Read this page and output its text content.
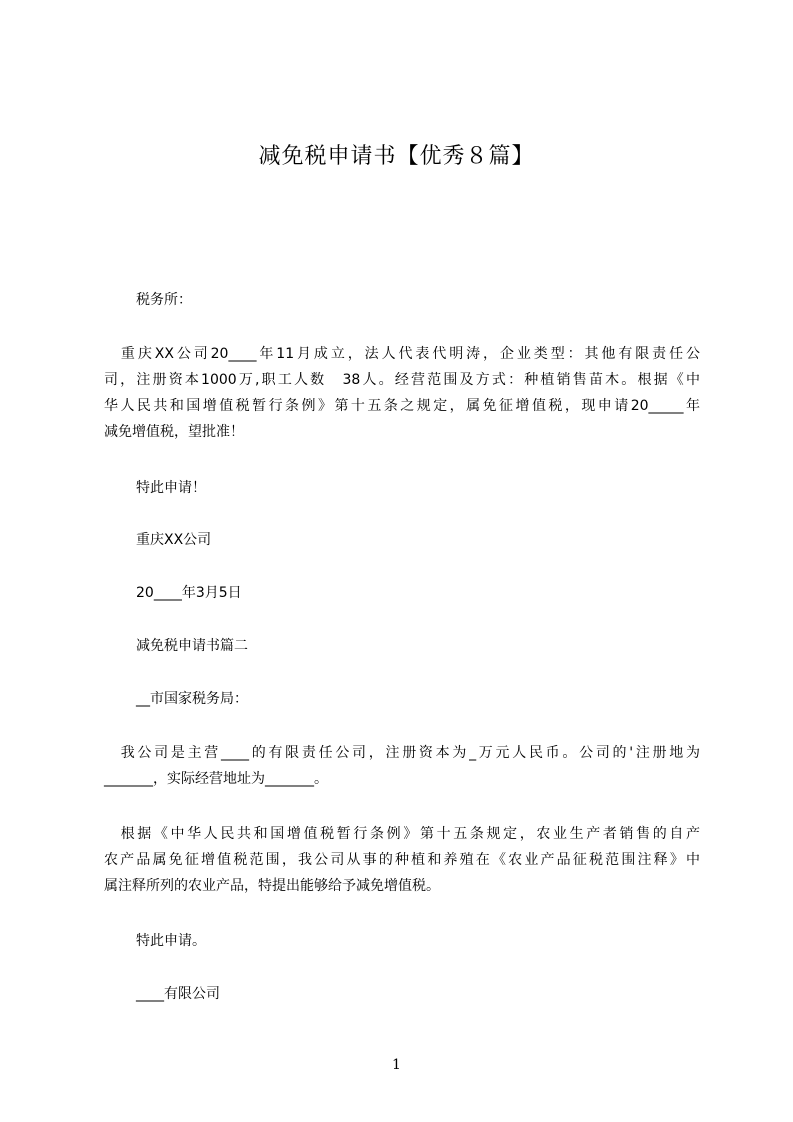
减免税申请书【优秀８篇】
税务所：
　重庆XX公司20____年11月成立，法人代表代明涛，企业类型：其他有限责任公
司，注册资本1000万,职工人数　38人。经营范围及方式：种植销售苗木。根据《中
华人民共和国增值税暂行条例》第十五条之规定，属免征增值税，现申请20_____年
减免增值税，望批准！
特此申请！
重庆XX公司
20____年3月5日
减免税申请书篇二
__市国家税务局：
　我公司是主营____的有限责任公司，注册资本为_万元人民币。公司的'注册地为
_______，实际经营地址为_______。
　根据《中华人民共和国增值税暂行条例》第十五条规定，农业生产者销售的自产
农产品属免征增值税范围，我公司从事的种植和养殖在《农业产品征税范围注释》中
属注释所列的农业产品，特提出能够给予减免增值税。
特此申请。
____有限公司
1
